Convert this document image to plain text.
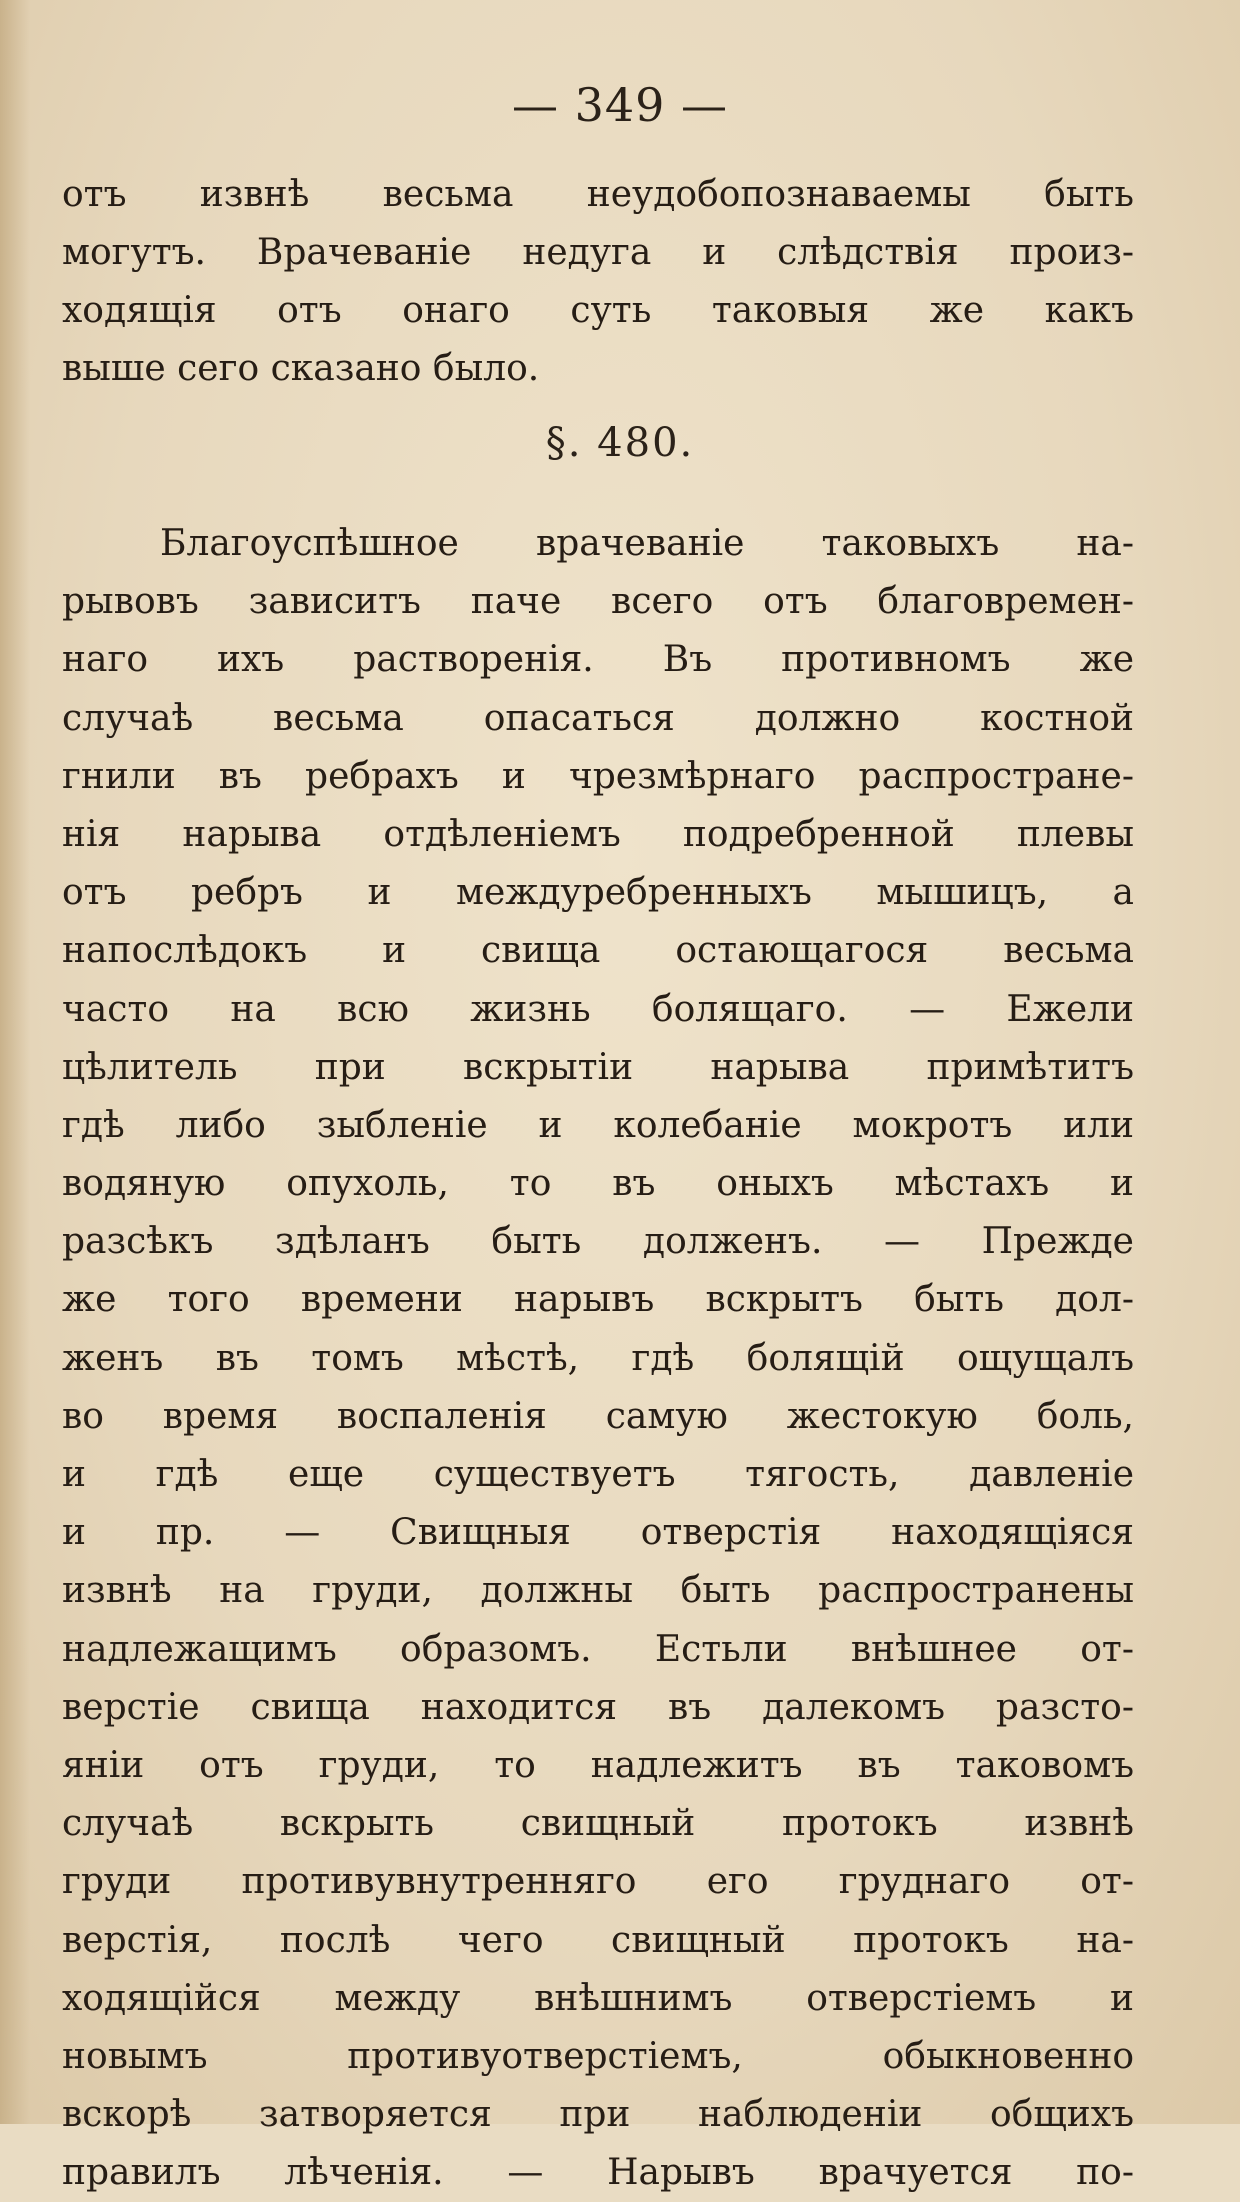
— 349 —
отъ извнѣ весьма неудобопознаваемы быть
могутъ. Врачеваніе недуга и слѣдствія произ-
ходящія отъ онаго суть таковыя же какъ
выше сего сказано было.
§. 480.
Благоуспѣшное врачеваніе таковыхъ на-
рывовъ зависитъ паче всего отъ благовремен-
наго ихъ растворенія. Въ противномъ же
случаѣ весьма опасаться должно костной
гнили въ ребрахъ и чрезмѣрнаго распростране-
нія нарыва отдѣленіемъ подребренной плевы
отъ ребръ и междуребренныхъ мышицъ, а
напослѣдокъ и свища остающагося весьма
часто на всю жизнь болящаго. — Ежели
цѣлитель при вскрытіи нарыва примѣтитъ
гдѣ либо зыбленіе и колебаніе мокротъ или
водяную опухоль, то въ оныхъ мѣстахъ и
разсѣкъ здѣланъ быть долженъ. — Прежде
же того времени нарывъ вскрытъ быть дол-
женъ въ томъ мѣстѣ, гдѣ болящій ощущалъ
во время воспаленія самую жестокую боль,
и гдѣ еще существуетъ тягость, давленіе
и пр. — Свищныя отверстія находящіяся
извнѣ на груди, должны быть распространены
надлежащимъ образомъ. Естьли внѣшнее от-
верстіе свища находится въ далекомъ разсто-
яніи отъ груди, то надлежитъ въ таковомъ
случаѣ вскрыть свищный протокъ извнѣ
груди противувнутренняго его груднаго от-
верстія, послѣ чего свищный протокъ на-
ходящійся между внѣшнимъ отверстіемъ и
новымъ противуотверстіемъ, обыкновенно
вскорѣ затворяется при наблюденіи общихъ
правилъ лѣченія. — Нарывъ врачуется по-
